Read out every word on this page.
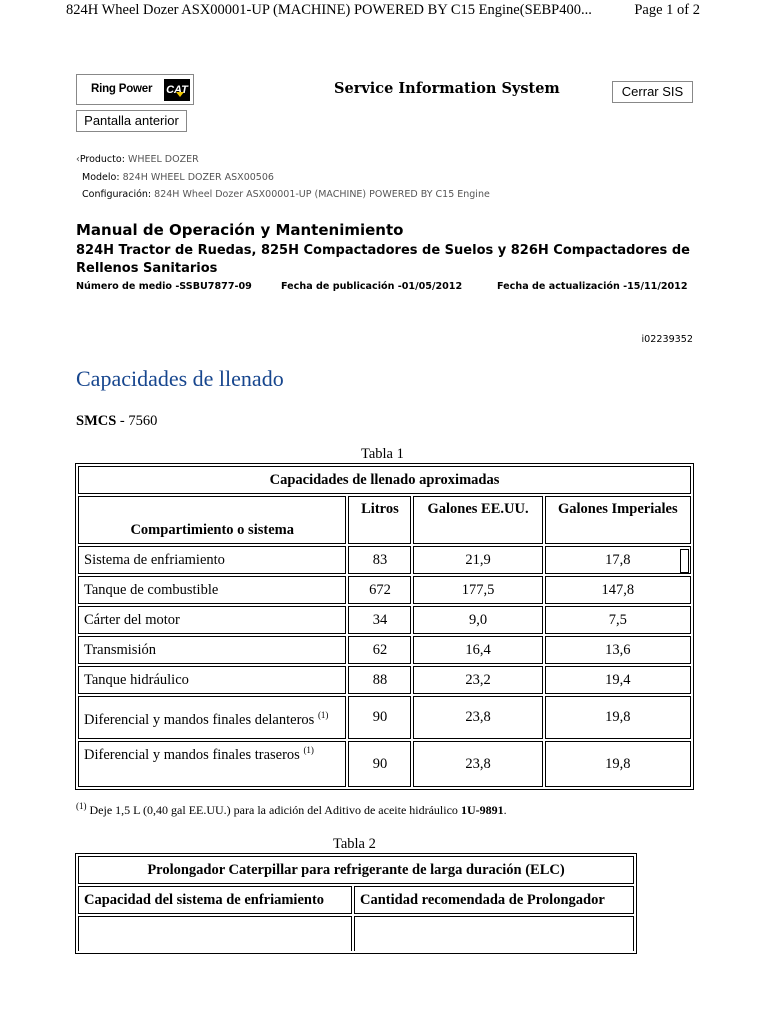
824H Wheel Dozer ASX00001-UP (MACHINE) POWERED BY C15 Engine(SEBP400...	Page 1 of 2
Ring Power CAT	Service Information System	Cerrar SIS
Pantalla anterior
‹Producto: WHEEL DOZER
Modelo: 824H WHEEL DOZER ASX00506
Configuración: 824H Wheel Dozer ASX00001-UP (MACHINE) POWERED BY C15 Engine
Manual de Operación y Mantenimiento
824H Tractor de Ruedas, 825H Compactadores de Suelos y 826H Compactadores de Rellenos Sanitarios
Número de medio -SSBU7877-09	Fecha de publicación -01/05/2012	Fecha de actualización -15/11/2012
i02239352
Capacidades de llenado
SMCS - 7560
Tabla 1
Capacidades de llenado aproximadas			
Compartimiento o sistema	Litros	Galones EE.UU.	Galones Imperiales
Sistema de enfriamiento	83	21,9	17,8
Tanque de combustible	672	177,5	147,8
Cárter del motor	34	9,0	7,5
Transmisión	62	16,4	13,6
Tanque hidráulico	88	23,2	19,4
Diferencial y mandos finales delanteros $^{(1)}$	90	23,8	19,8
Diferencial y mandos finales traseros $^{(1)}$	90	23,8	19,8
$^{(1)}$ Deje 1,5 L (0,40 gal EE.UU.) para la adición del Aditivo de aceite hidráulico 1U-9891.
Tabla 2
Prolongador Caterpillar para refrigerante de larga duración (ELC)	
Capacidad del sistema de enfriamiento	Cantidad recomendada de Prolongador
